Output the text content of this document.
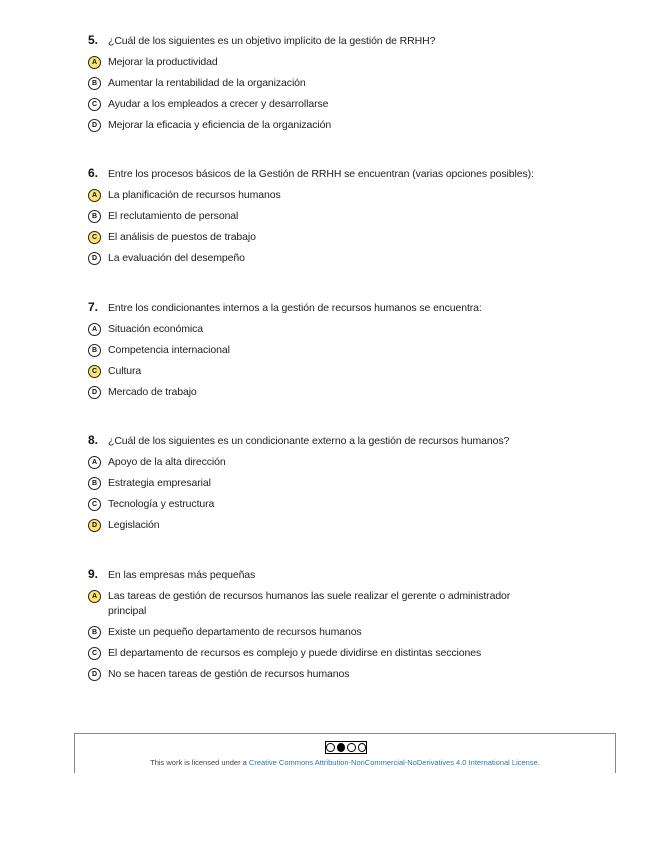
5. ¿Cuál de los siguientes es un objetivo implícito de la gestión de RRHH?
A	Mejorar la productividad
B	Aumentar la rentabilidad de la organización
C	Ayudar a los empleados a crecer y desarrollarse
D	Mejorar la eficacia y eficiencia de la organización
6. Entre los procesos básicos de la Gestión de RRHH se encuentran (varias opciones posibles):
A	La planificación de recursos humanos
B	El reclutamiento de personal
C	El análisis de puestos de trabajo
D	La evaluación del desempeño
7. Entre los condicionantes internos a la gestión de recursos humanos se encuentra:
A	Situación económica
B	Competencia internacional
C	Cultura
D	Mercado de trabajo
8. ¿Cuál de los siguientes es un condicionante externo a la gestión de recursos humanos?
A	Apoyo de la alta dirección
B	Estrategia empresarial
C	Tecnología y estructura
D	Legislación
9. En las empresas más pequeñas
A	Las tareas de gestión de recursos humanos las suele realizar el gerente o administrador principal
B	Existe un pequeño departamento de recursos humanos
C	El departamento de recursos es complejo y puede dividirse en distintas secciones
D	No se hacen tareas de gestión de recursos humanos
This work is licensed under a Creative Commons Attribution-NonCommercial-NoDerivatives 4.0 International License.
